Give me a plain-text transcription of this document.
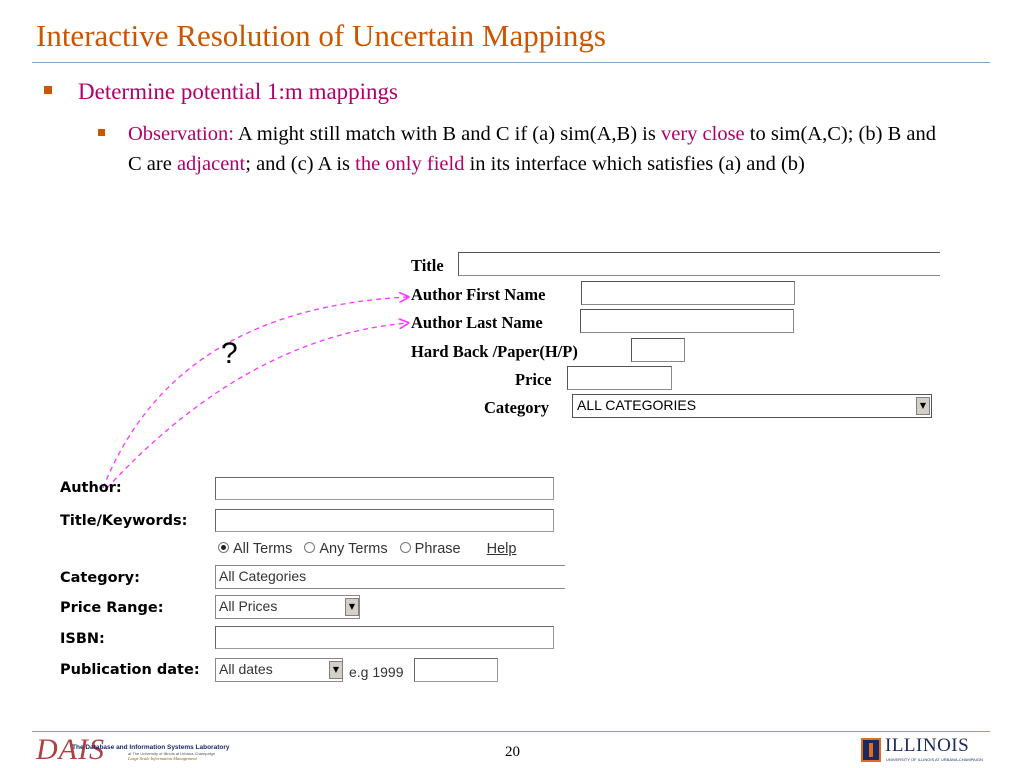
Interactive Resolution of Uncertain Mappings
Determine potential 1:m mappings
Observation: A might still match with B and C if (a) sim(A,B) is very close to sim(A,C); (b) B and C are adjacent; and (c) A is the only field in its interface which satisfies (a) and (b)
Title
Author First Name
Author Last Name
Hard Back /Paper(H/P)
Price
Category	ALL CATEGORIES	▼
?
Author:
Title/Keywords:
All Terms Any Terms Phrase Help
Category:	All Categories
Price Range:	All Prices	▼
ISBN:
Publication date: All dates	▼ e.g 1999
DAIS
The Database and Information Systems Laboratory
at The University of Illinois at Urbana-Champaign
Large Scale Information Management	20	ILLINOIS
UNIVERSITY OF ILLINOIS AT URBANA-CHAMPAIGN
